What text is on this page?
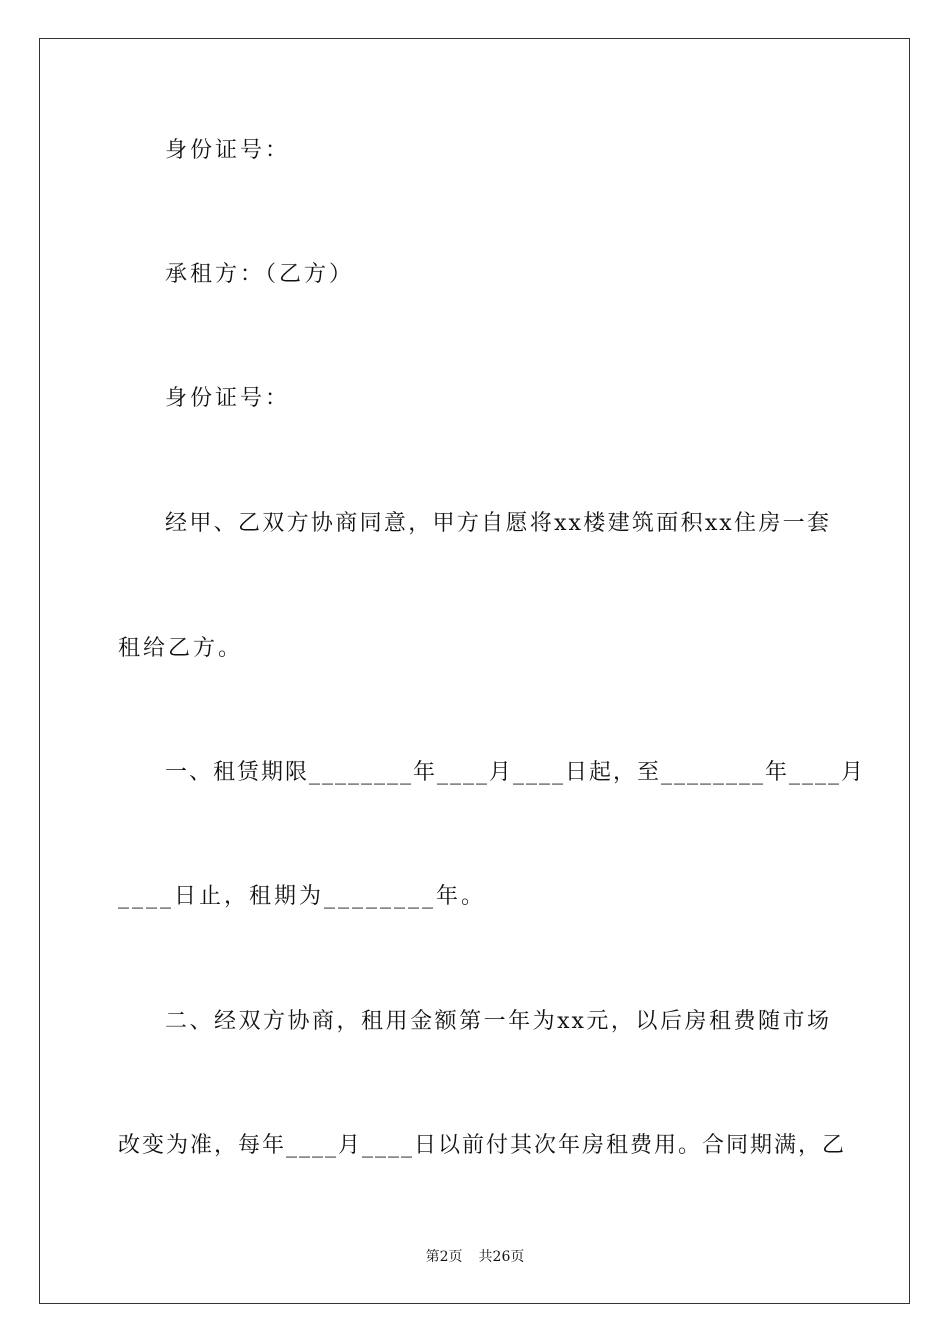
身份证号：
承租方：（乙方）
身份证号：
经甲、乙双方协商同意，甲方自愿将xx楼建筑面积xx住房一套
租给乙方。
一、租赁期限________年____月____日起，至________年____月
____日止，租期为________年。
二、经双方协商，租用金额第一年为xx元，以后房租费随市场
改变为准，每年____月____日以前付其次年房租费用。合同期满，乙
第2页 共26页
